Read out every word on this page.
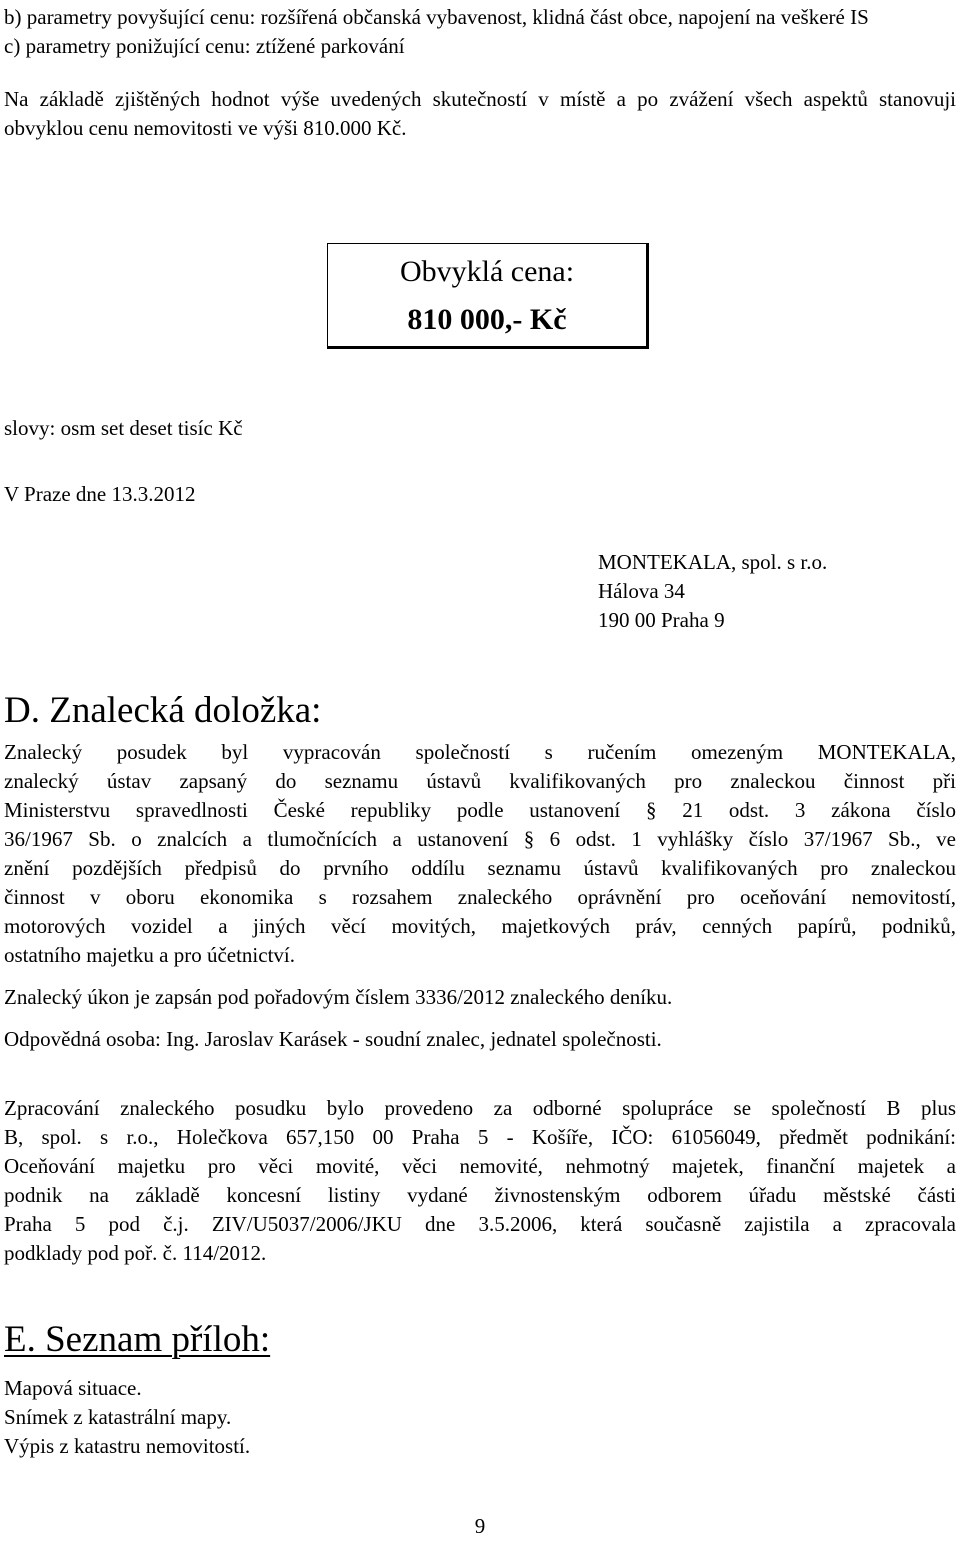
b) parametry povyšující cenu: rozšířená občanská vybavenost, klidná část obce, napojení na veškeré IS

c) parametry ponižující cenu: ztížené parkování

Na základě zjištěných hodnot výše uvedených skutečností v místě a po zvážení všech aspektů stanovuji obvyklou cenu nemovitosti ve výši 810.000 Kč.

Obvyklá cena:
810 000,- Kč

slovy: osm set deset tisíc Kč

V Praze dne 13.3.2012

MONTEKALA, spol. s r.o.
Hálova 34
190 00 Praha 9
D. Znalecká doložka:
Znalecký posudek byl vypracován společností s ručením omezeným MONTEKALA,
znalecký ústav zapsaný do seznamu ústavů kvalifikovaných pro znaleckou činnost při
Ministerstvu spravedlnosti České republiky podle ustanovení § 21 odst. 3 zákona číslo
36/1967 Sb. o znalcích a tlumočnících a ustanovení § 6 odst. 1 vyhlášky číslo 37/1967 Sb., ve
znění pozdějších předpisů do prvního oddílu seznamu ústavů kvalifikovaných pro znaleckou
činnost v oboru ekonomika s rozsahem znaleckého oprávnění pro oceňování nemovitostí,
motorových vozidel a jiných věcí movitých, majetkových práv, cenných papírů, podniků,
ostatního majetku a pro účetnictví.

Znalecký úkon je zapsán pod pořadovým číslem 3336/2012 znaleckého deníku.

Odpovědná osoba: Ing. Jaroslav Karásek - soudní znalec, jednatel společnosti.

Zpracování znaleckého posudku bylo provedeno za odborné spolupráce se společností B plus
B, spol. s r.o., Holečkova 657,150 00 Praha 5 - Košíře, IČO: 61056049, předmět podnikání:
Oceňování majetku pro věci movité, věci nemovité, nehmotný majetek, finanční majetek a
podnik na základě koncesní listiny vydané živnostenským odborem úřadu městské části
Praha 5 pod č.j. ZIV/U5037/2006/JKU dne 3.5.2006, která současně zajistila a zpracovala
podklady pod poř. č. 114/2012.
E. Seznam příloh:
Mapová situace.
Snímek z katastrální mapy.
Výpis z katastru nemovitostí.
9
